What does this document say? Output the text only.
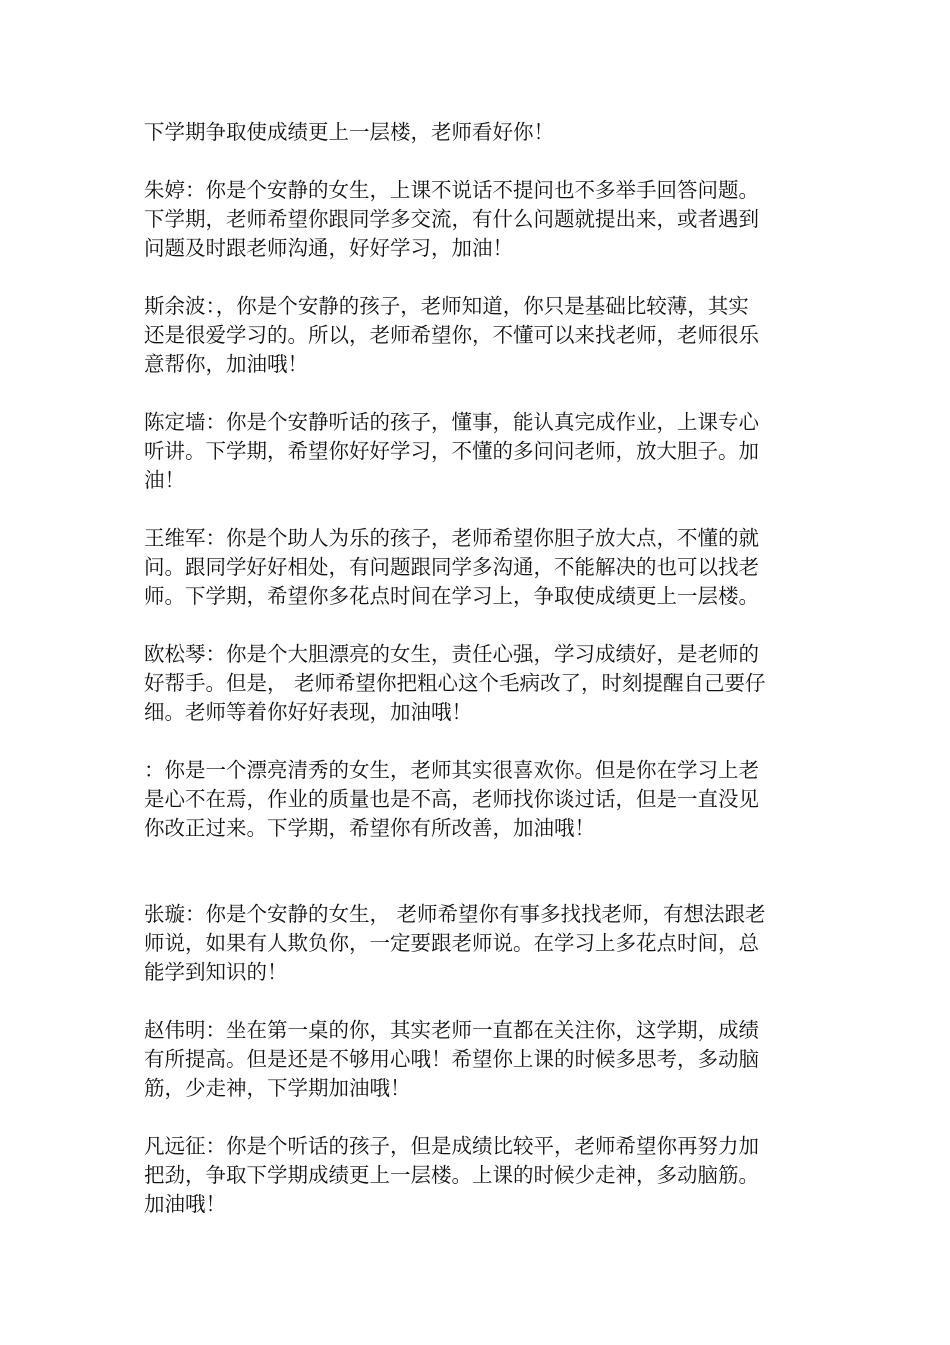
下学期争取使成绩更上一层楼，老师看好你！

朱婷：你是个安静的女生，上课不说话不提问也不多举手回答问题。
下学期，老师希望你跟同学多交流，有什么问题就提出来，或者遇到
问题及时跟老师沟通，好好学习，加油！

斯余波：，你是个安静的孩子，老师知道，你只是基础比较薄，其实
还是很爱学习的。所以，老师希望你，不懂可以来找老师，老师很乐
意帮你，加油哦！

陈定墙：你是个安静听话的孩子，懂事，能认真完成作业，上课专心
听讲。下学期，希望你好好学习，不懂的多问问老师，放大胆子。加
油！

王维军：你是个助人为乐的孩子，老师希望你胆子放大点，不懂的就
问。跟同学好好相处，有问题跟同学多沟通，不能解决的也可以找老
师。下学期，希望你多花点时间在学习上，争取使成绩更上一层楼。

欧松琴：你是个大胆漂亮的女生，责任心强，学习成绩好，是老师的
好帮手。但是， 老师希望你把粗心这个毛病改了，时刻提醒自己要仔
细。老师等着你好好表现，加油哦！

：你是一个漂亮清秀的女生，老师其实很喜欢你。但是你在学习上老
是心不在焉，作业的质量也是不高，老师找你谈过话，但是一直没见
你改正过来。下学期，希望你有所改善，加油哦！

张璇：你是个安静的女生， 老师希望你有事多找找老师，有想法跟老
师说，如果有人欺负你，一定要跟老师说。在学习上多花点时间，总
能学到知识的！

赵伟明：坐在第一桌的你，其实老师一直都在关注你，这学期，成绩
有所提高。但是还是不够用心哦！希望你上课的时候多思考，多动脑
筋，少走神，下学期加油哦！

凡远征：你是个听话的孩子，但是成绩比较平，老师希望你再努力加
把劲，争取下学期成绩更上一层楼。上课的时候少走神，多动脑筋。
加油哦！
